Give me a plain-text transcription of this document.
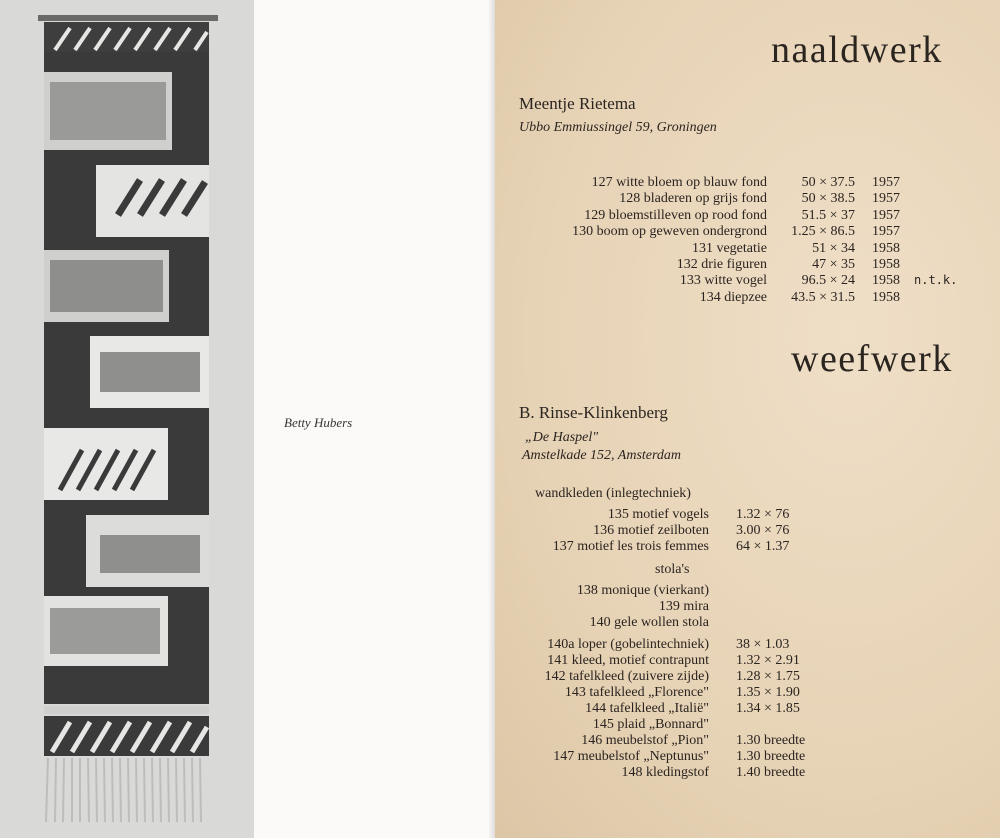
Betty Hubers
naaldwerk
Meentje Rietema
Ubbo Emmiussingel 59, Groningen
127 witte bloem op blauw fond 50 × 37.5 1957
128 bladeren op grijs fond 50 × 38.5 1957
129 bloemstilleven op rood fond 51.5 × 37 1957
130 boom op geweven ondergrond 1.25 × 86.5 1957
131 vegetatie	51 × 34 1958
132 drie figuren	47 × 35 1958
133 witte vogel 96.5 × 24 1958 n.t.k.
134 diepzee 43.5 × 31.5 1958
weefwerk
B. Rinse-Klinkenberg
„De Haspel"
Amstelkade 152, Amsterdam
wandkleden (inlegtechniek)
stola's
135 motief vogels 1.32 × 76
136 motief zeilboten 3.00 × 76
137 motief les trois femmes 64 × 1.37
138 monique (vierkant)
139 mira
140 gele wollen stola
140a loper (gobelintechniek) 38 × 1.03
141 kleed, motief contrapunt 1.32 × 2.91
142 tafelkleed (zuivere zijde) 1.28 × 1.75
143 tafelkleed „Florence" 1.35 × 1.90
144 tafelkleed „Italië" 1.34 × 1.85
145 plaid „Bonnard"
146 meubelstof „Pion" 1.30 breedte
147 meubelstof „Neptunus" 1.30 breedte
148 kledingstof 1.40 breedte
